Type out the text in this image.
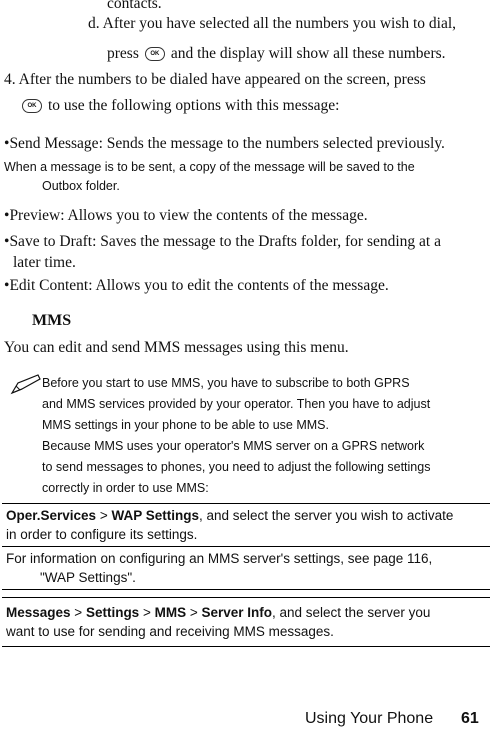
contacts.
d. After you have selected all the numbers you wish to dial,
press OK and the display will show all these numbers.
4. After the numbers to be dialed have appeared on the screen, press
OK to use the following options with this message:
•Send Message: Sends the message to the numbers selected previously.
When a message is to be sent, a copy of the message will be saved to the
Outbox folder.
•Preview: Allows you to view the contents of the message.
•Save to Draft: Saves the message to the Drafts folder, for sending at a
later time.
•Edit Content: Allows you to edit the contents of the message.
MMS
You can edit and send MMS messages using this menu.
Before you start to use MMS, you have to subscribe to both GPRS
and MMS services provided by your operator. Then you have to adjust
MMS settings in your phone to be able to use MMS.
Because MMS uses your operator's MMS server on a GPRS network
to send messages to phones, you need to adjust the following settings
correctly in order to use MMS:
Oper.Services > WAP Settings, and select the server you wish to activate
in order to configure its settings.
For information on configuring an MMS server's settings, see page 116,
"WAP Settings".
Messages > Settings > MMS > Server Info, and select the server you
want to use for sending and receiving MMS messages.
Using Your Phone 61
